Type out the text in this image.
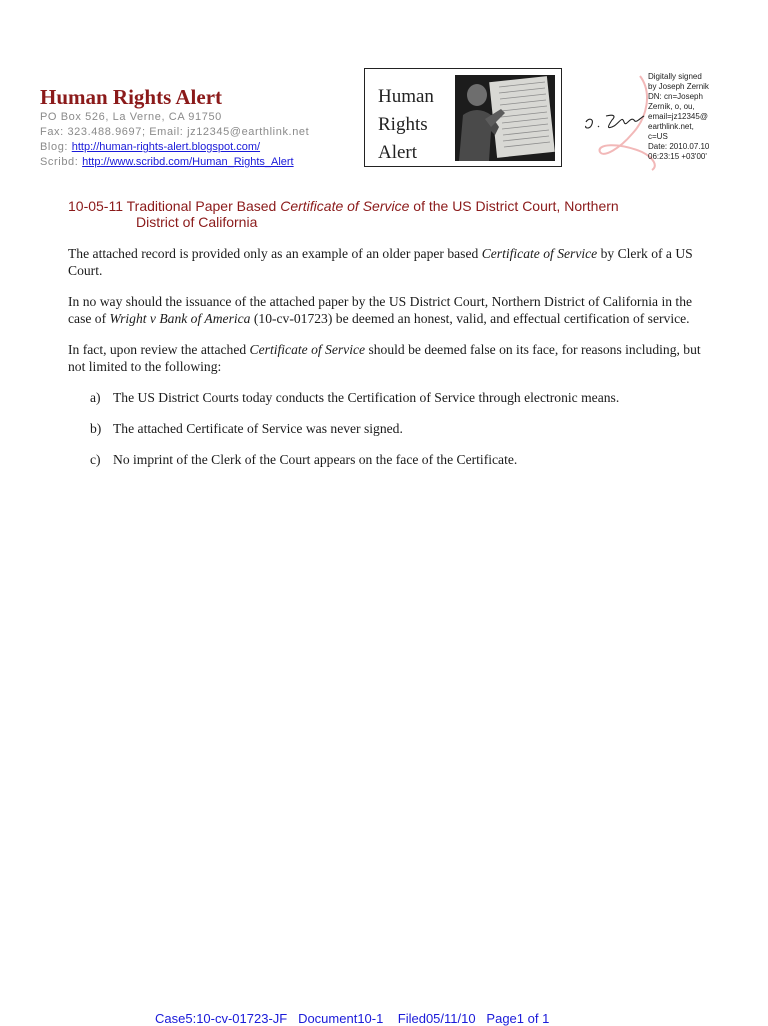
Human Rights Alert
PO Box 526, La Verne, CA 91750
Fax: 323.488.9697; Email: jz12345@earthlink.net
Blog: http://human-rights-alert.blogspot.com/
Scribd: http://www.scribd.com/Human_Rights_Alert
Human
Rights
Alert
Digitally signed
by Joseph Zernik
DN: cn=Joseph
Zernik, o, ou,
email=jz12345@
earthlink.net,
c=US
Date: 2010.07.10
06:23:15 +03'00'
10-05-11 Traditional Paper Based Certificate of Service of the US District Court, Northern
District of California

The attached record is provided only as an example of an older paper based Certificate of Service by Clerk of a US Court.

In no way should the issuance of the attached paper by the US District Court, Northern District of California in the case of Wright v Bank of America (10-cv-01723) be deemed an honest, valid, and effectual certification of service.

In fact, upon review the attached Certificate of Service should be deemed false on its face, for reasons including, but not limited to the following:

a) The US District Courts today conducts the Certification of Service through electronic means.
b) The attached Certificate of Service was never signed.
c) No imprint of the Clerk of the Court appears on the face of the Certificate.
Case5:10-cv-01723-JF   Document10-1    Filed05/11/10   Page1 of 1
